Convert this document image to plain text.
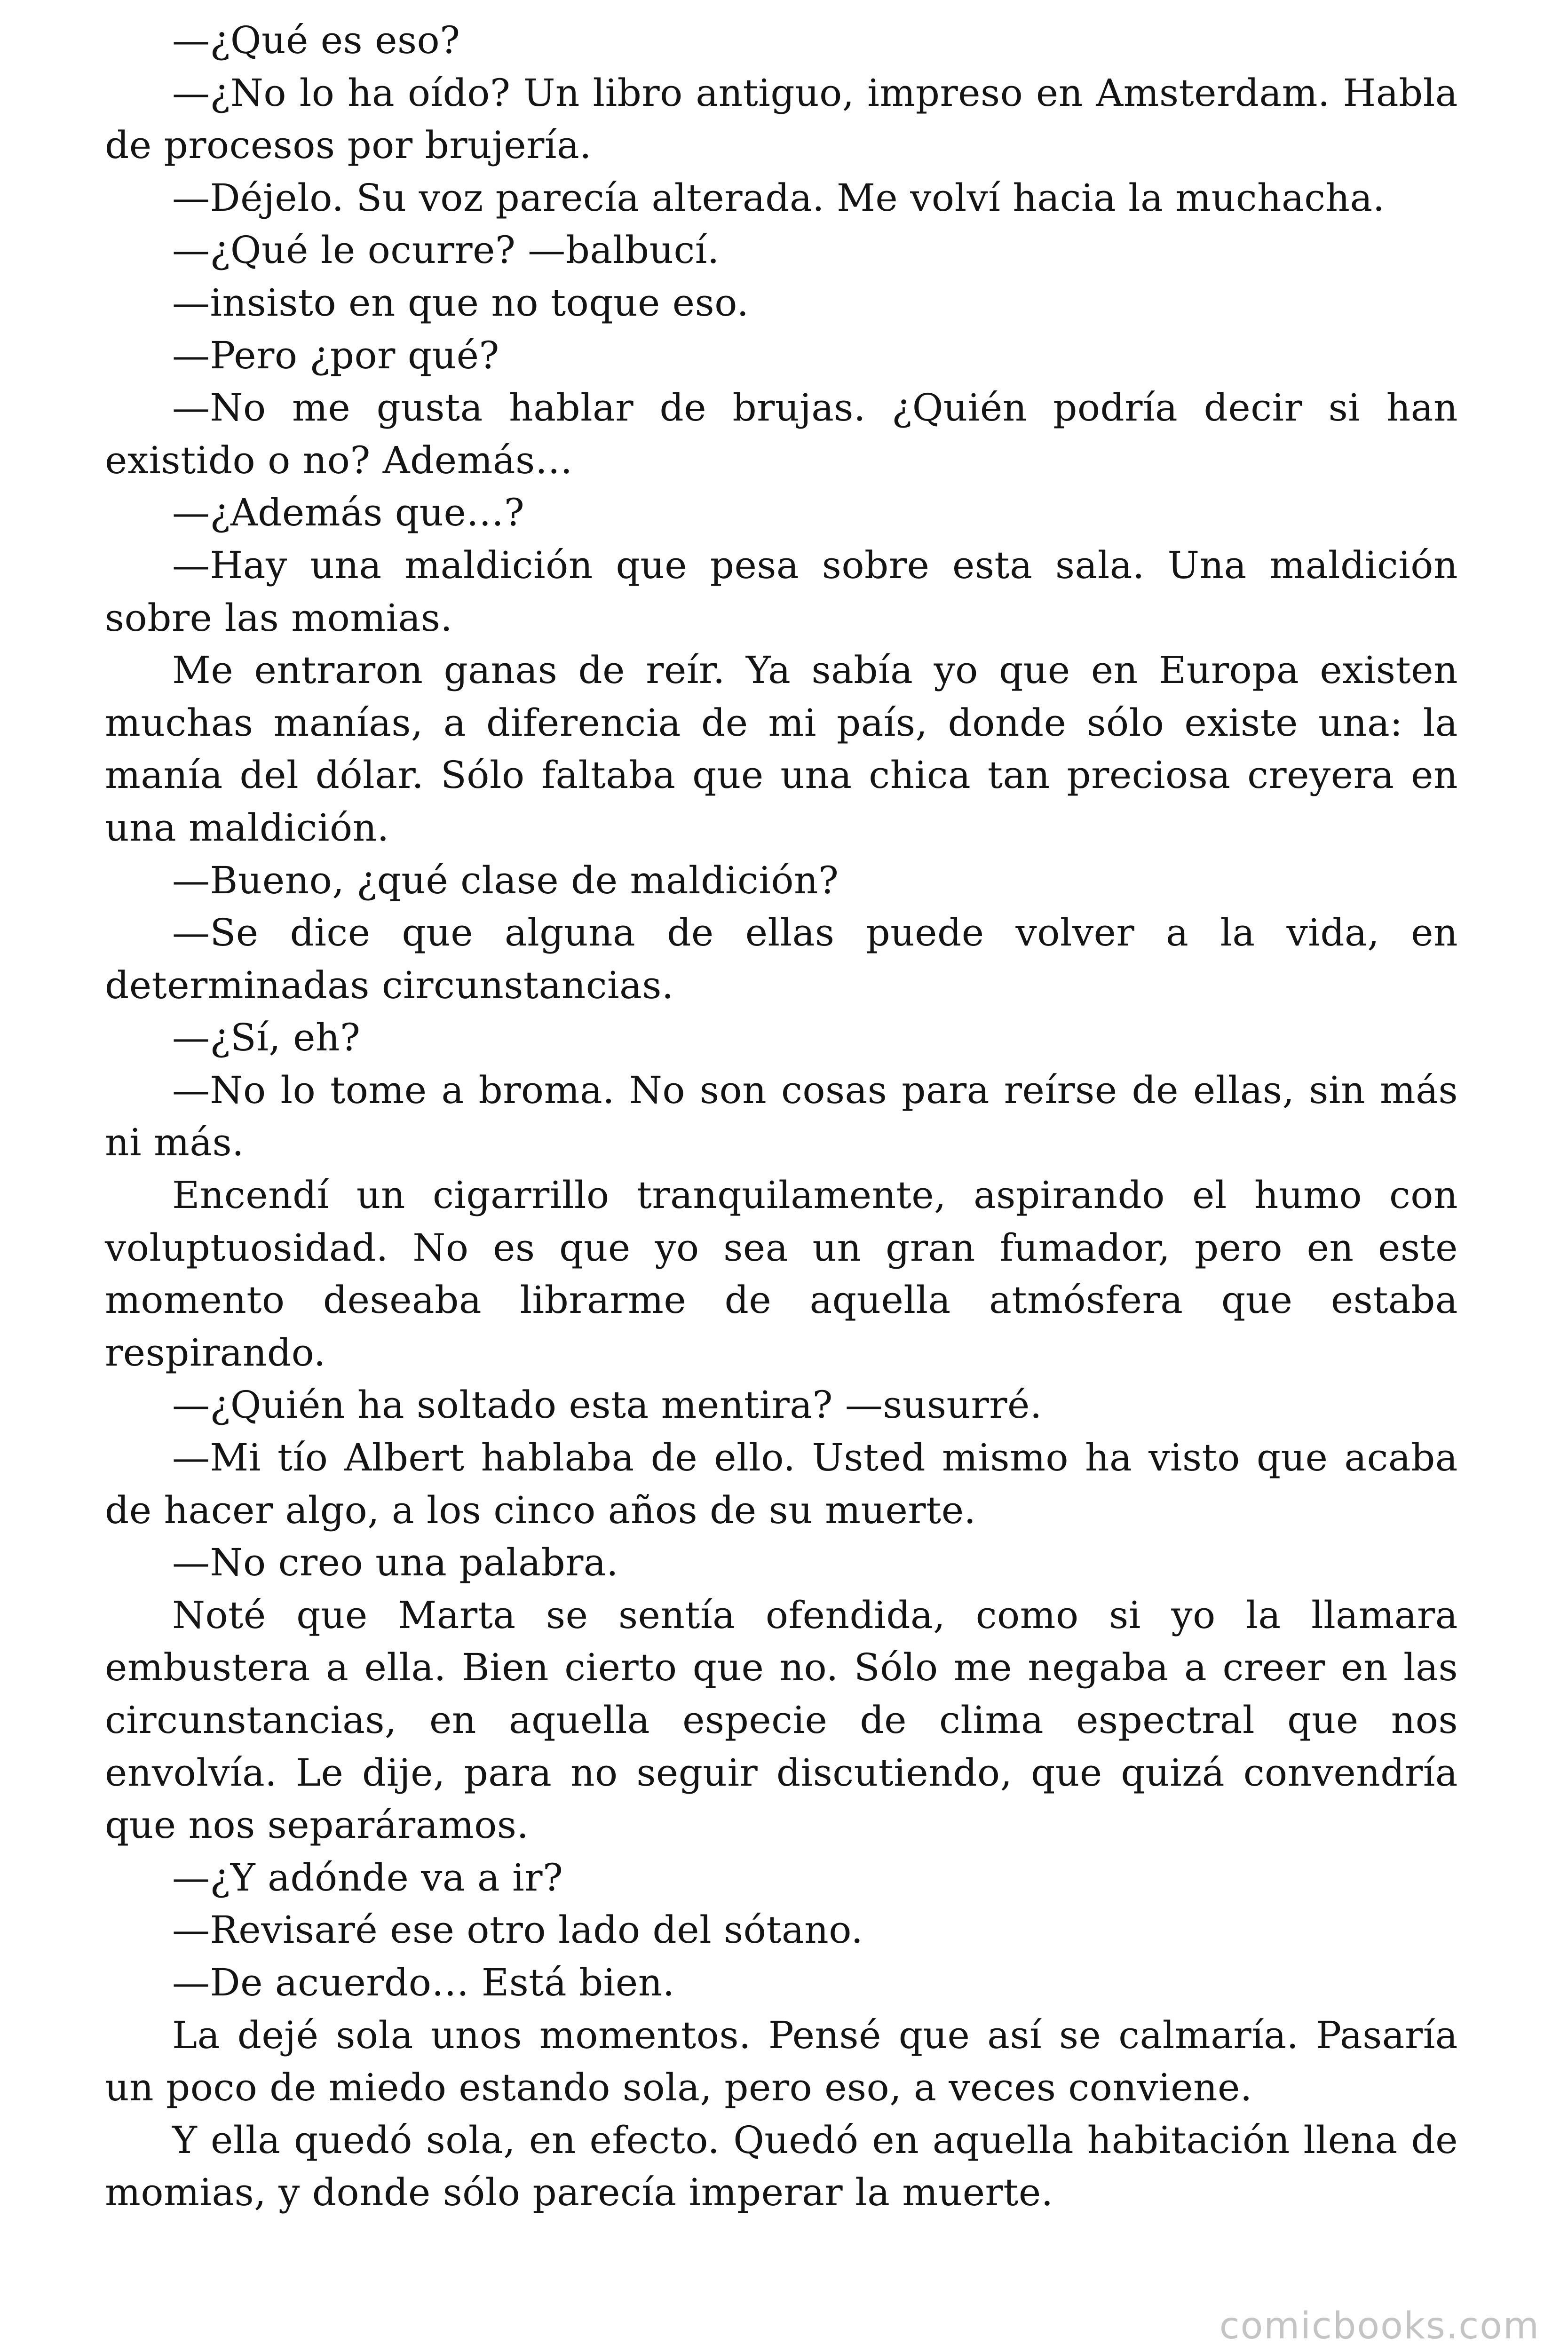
—¿Qué es eso?

—¿No lo ha oído? Un libro antiguo, impreso en Amsterdam. Habla de procesos por brujería.

—Déjelo. Su voz parecía alterada. Me volví hacia la muchacha.

—¿Qué le ocurre? —balbucí.

—insisto en que no toque eso.

—Pero ¿por qué?

—No me gusta hablar de brujas. ¿Quién podría decir si han existido o no? Además…

—¿Además que…?

—Hay una maldición que pesa sobre esta sala. Una maldición sobre las momias.

Me entraron ganas de reír. Ya sabía yo que en Europa existen muchas manías, a diferencia de mi país, donde sólo existe una: la manía del dólar. Sólo faltaba que una chica tan preciosa creyera en una maldición.

—Bueno, ¿qué clase de maldición?

—Se dice que alguna de ellas puede volver a la vida, en determinadas circunstancias.

—¿Sí, eh?

—No lo tome a broma. No son cosas para reírse de ellas, sin más ni más.

Encendí un cigarrillo tranquilamente, aspirando el humo con voluptuosidad. No es que yo sea un gran fumador, pero en este momento deseaba librarme de aquella atmósfera que estaba respirando.

—¿Quién ha soltado esta mentira? —susurré.

—Mi tío Albert hablaba de ello. Usted mismo ha visto que acaba de hacer algo, a los cinco años de su muerte.

—No creo una palabra.

Noté que Marta se sentía ofendida, como si yo la llamara embustera a ella. Bien cierto que no. Sólo me negaba a creer en las circunstancias, en aquella especie de clima espectral que nos envolvía. Le dije, para no seguir discutiendo, que quizá convendría que nos separáramos.

—¿Y adónde va a ir?

—Revisaré ese otro lado del sótano.

—De acuerdo… Está bien.

La dejé sola unos momentos. Pensé que así se calmaría. Pasaría un poco de miedo estando sola, pero eso, a veces conviene.

Y ella quedó sola, en efecto. Quedó en aquella habitación llena de momias, y donde sólo parecía imperar la muerte.

comicbooks.com
